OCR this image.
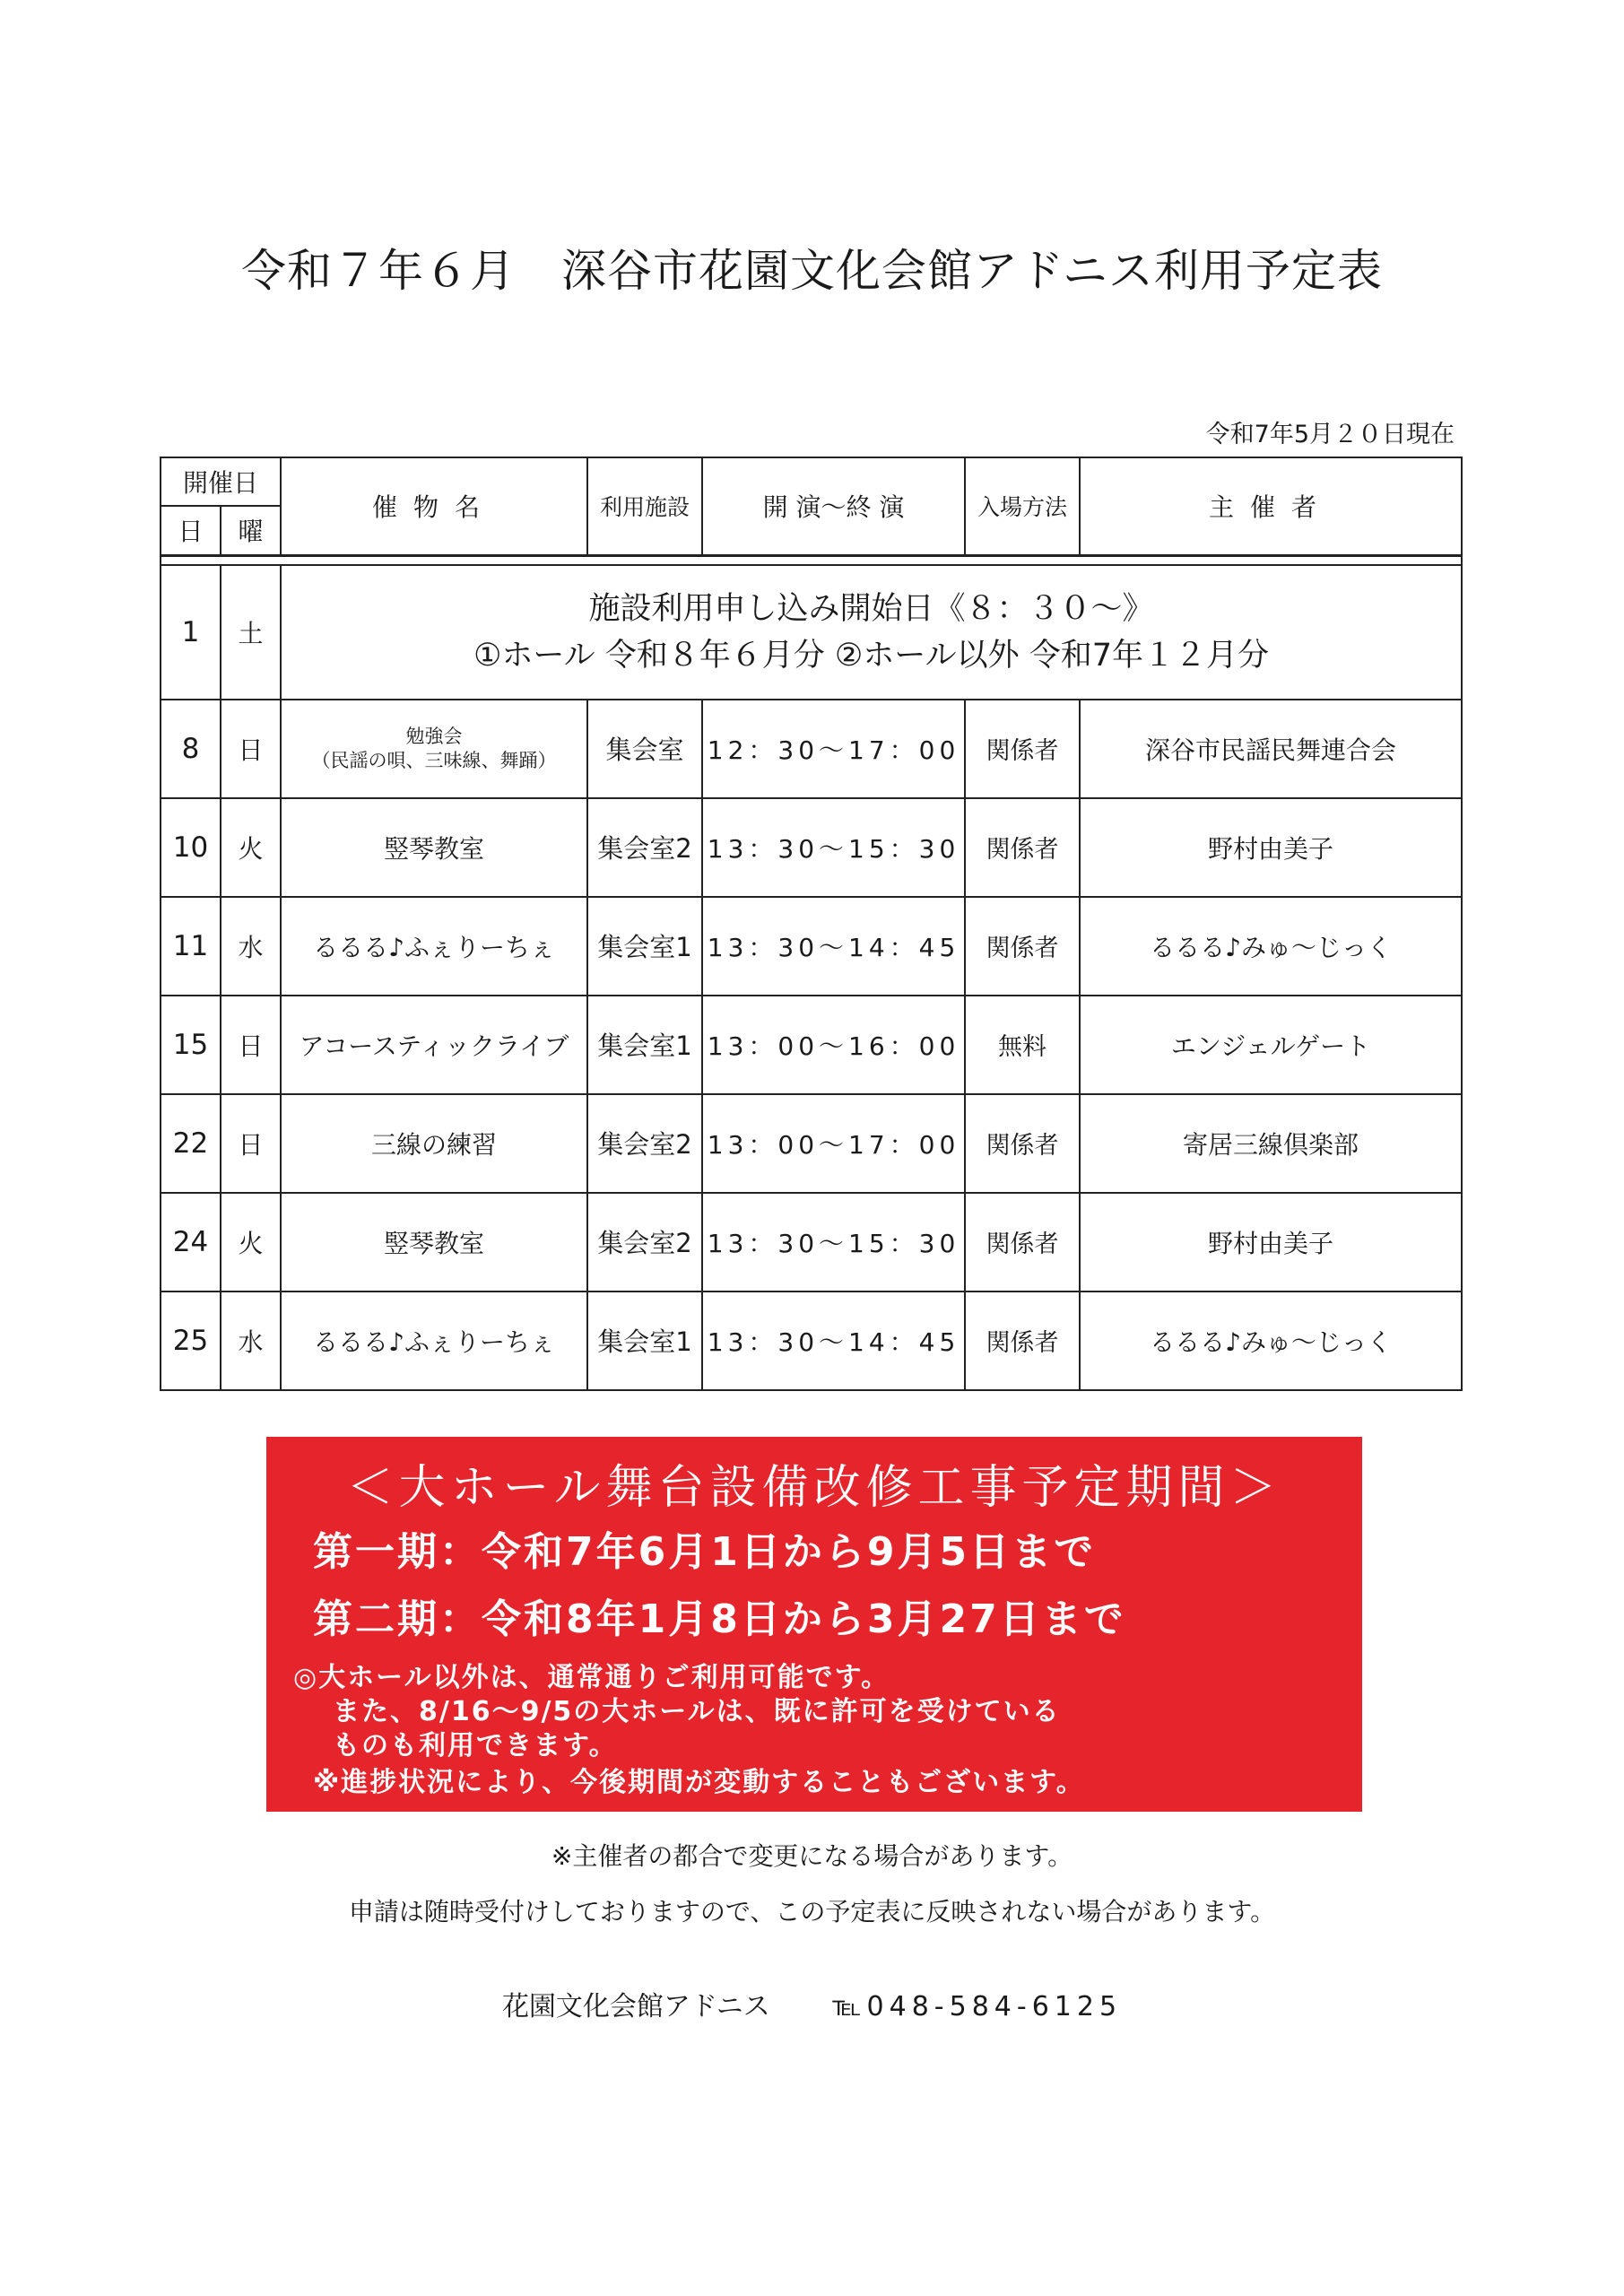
令和７年６月　深谷市花園文化会館アドニス利用予定表
令和7年5月２０日現在
開催日		催物名	利用施設	開 演～終 演	入場方法	主催者
日	曜					

1	土	施設利用申し込み開始日《８：３０～》
①ホール 令和８年６月分 ②ホール以外 令和7年１２月分				

8	日	勉強会
（民謡の唄、三味線、舞踊）	集会室	12：30～17：00	関係者	深谷市民謡民舞連合会
10	火	竪琴教室	集会室2	13：30～15：30	関係者	野村由美子
11	水	るるる♪ふぇりーちぇ	集会室1	13：30～14：45	関係者	るるる♪みゅ～じっく
15	日	アコースティックライブ	集会室1	13：00～16：00	無料	エンジェルゲート
22	日	三線の練習	集会室2	13：00～17：00	関係者	寄居三線倶楽部
24	火	竪琴教室	集会室2	13：30～15：30	関係者	野村由美子
25	水	るるる♪ふぇりーちぇ	集会室1	13：30～14：45	関係者	るるる♪みゅ～じっく
＜大ホール舞台設備改修工事予定期間＞
第一期：令和7年6月1日から9月5日まで
第二期：令和8年1月8日から3月27日まで
◎大ホール以外は、通常通りご利用可能です。
また、8/16～9/5の大ホールは、既に許可を受けている
ものも利用できます。
※進捗状況により、今後期間が変動することもございます。
※主催者の都合で変更になる場合があります。
申請は随時受付けしておりますので、この予定表に反映されない場合があります。
花園文化会館アドニス ℡048-584-6125
